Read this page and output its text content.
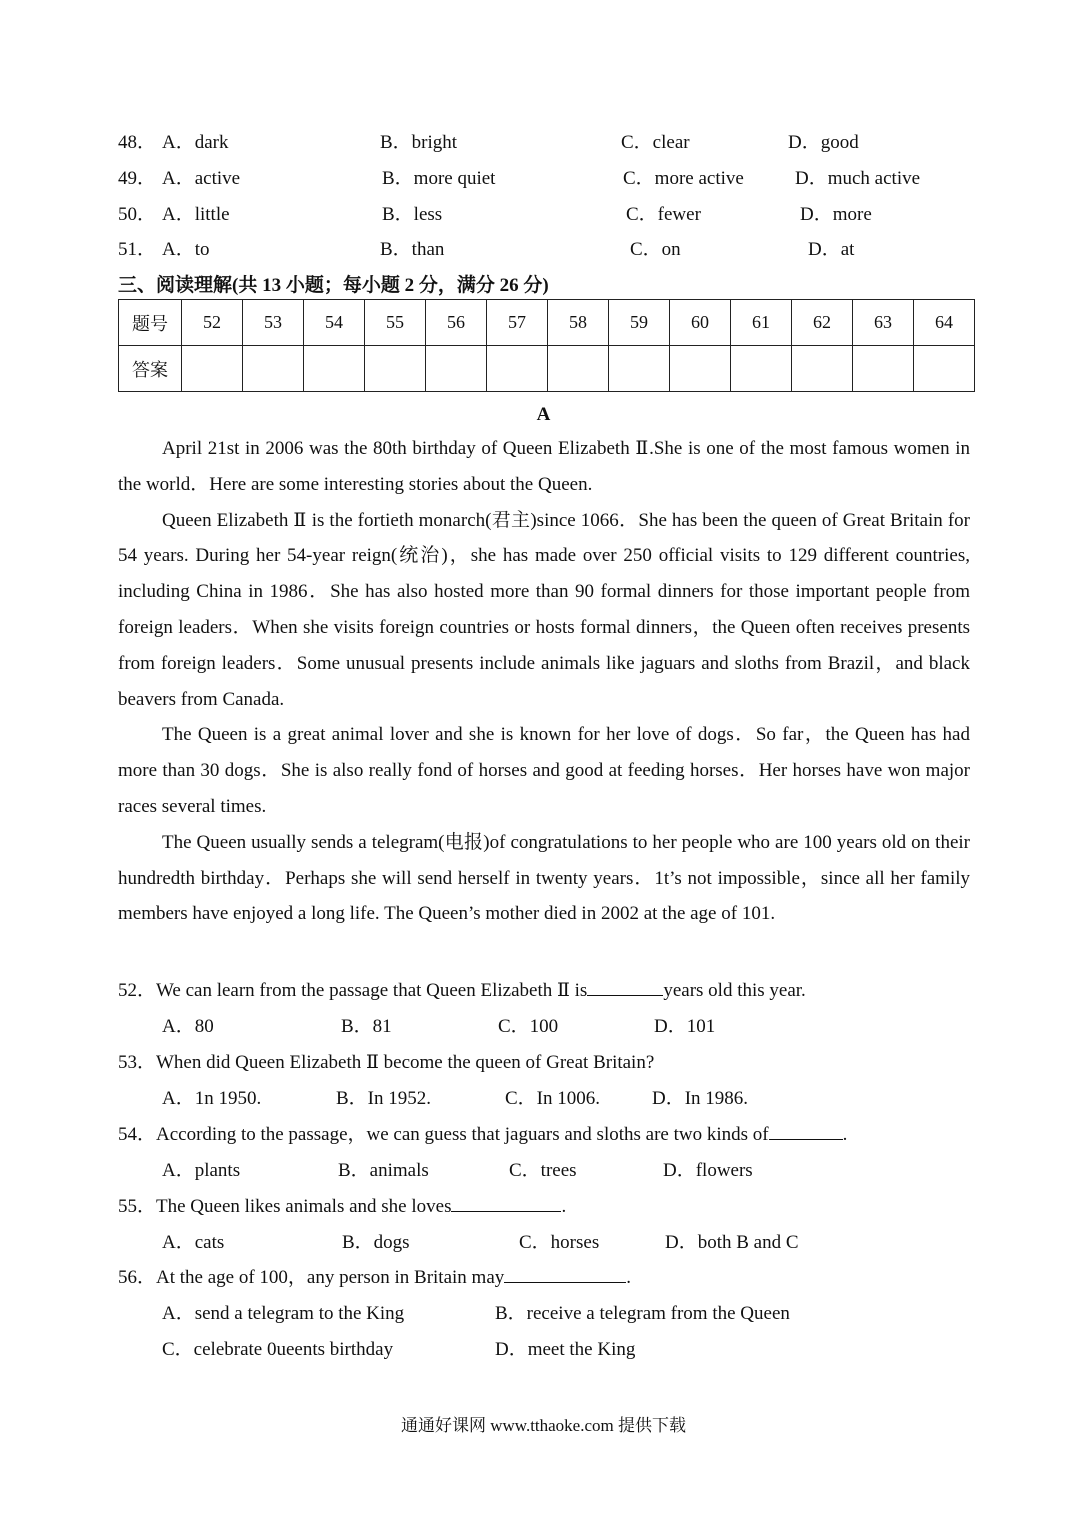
48． A．dark	B．bright	C．clear	D．good
49． A．active	B．more quiet	C．more active	D．much active
50． A．little	B．less	C．fewer	D．more
51． A．to	B．than	C．on	D．at
三、阅读理解(共 13 小题；每小题 2 分，满分 26 分)
题号	52	53	54	55	56	57	58	59	60	61	62	63	64
答案													
A

April 21st in 2006 was the 80th birthday of Queen Elizabeth Ⅱ.She is one of the most famous women in the world．Here are some interesting stories about the Queen.

Queen Elizabeth Ⅱ is the fortieth monarch(君主)since 1066．She has been the queen of Great Britain for 54 years. During her 54-year reign(统治)，she has made over 250 official visits to 129 different countries, including China in 1986．She has also hosted more than 90 formal dinners for those important people from foreign leaders．When she visits foreign countries or hosts formal dinners，the Queen often receives presents from foreign leaders．Some unusual presents include animals like jaguars and sloths from Brazil，and black beavers from Canada.

The Queen is a great animal lover and she is known for her love of dogs．So far，the Queen has had more than 30 dogs．She is also really fond of horses and good at feeding horses．Her horses have won major races several times.

The Queen usually sends a telegram(电报)of congratulations to her people who are 100 years old on their hundredth birthday．Perhaps she will send herself in twenty years．1t’s not impossible，since all her family members have enjoyed a long life. The Queen’s mother died in 2002 at the age of 101.

52．We can learn from the passage that Queen Elizabeth Ⅱ is	years old this year.
A．80	B．81	C．100	D．101
53．When did Queen Elizabeth Ⅱ become the queen of Great Britain?
A．1n 1950.	B．In 1952.	C．In 1006.	D．In 1986.
54．According to the passage，we can guess that jaguars and sloths are two kinds of	.
A．plants	B．animals	C．trees	D．flowers
55．The Queen likes animals and she loves	.
A．cats	B．dogs	C．horses	D．both B and C
56．At the age of 100，any person in Britain may	.
A．send a telegram to the King	B．receive a telegram from the Queen
C．celebrate 0ueents birthday	D．meet the King
通通好课网 www.tthaoke.com 提供下载
